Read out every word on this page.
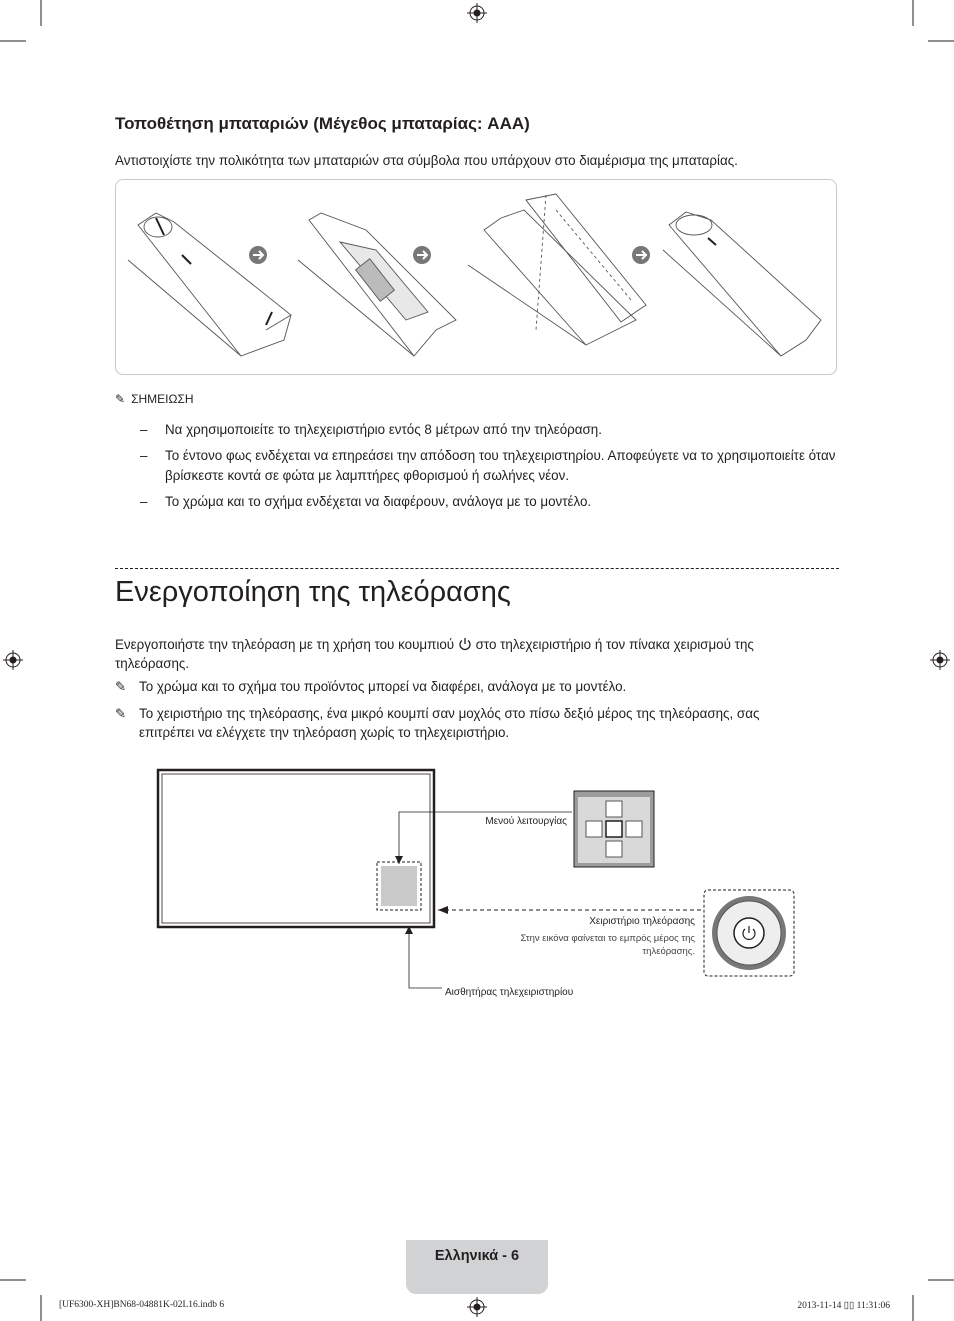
Τοποθέτηση μπαταριών (Μέγεθος μπαταρίας: AAA)

Αντιστοιχίστε την πολικότητα των μπαταριών στα σύμβολα που υπάρχουν στο διαμέρισμα της μπαταρίας.

✎ ΣΗΜΕΙΩΣΗ
– Να χρησιμοποιείτε το τηλεχειριστήριο εντός 8 μέτρων από την τηλεόραση.
– Το έντονο φως ενδέχεται να επηρεάσει την απόδοση του τηλεχειριστηρίου. Αποφεύγετε να το χρησιμοποιείτε όταν βρίσκεστε κοντά σε φώτα με λαμπτήρες φθορισμού ή σωλήνες νέον.
– Το χρώμα και το σχήμα ενδέχεται να διαφέρουν, ανάλογα με το μοντέλο.
Ενεργοποίηση της τηλεόρασης

Ενεργοποιήστε την τηλεόραση με τη χρήση του κουμπιού στο τηλεχειριστήριο ή τον πίνακα χειρισμού της τηλεόρασης.

✎ Το χρώμα και το σχήμα του προϊόντος μπορεί να διαφέρει, ανάλογα με το μοντέλο.
✎ Το χειριστήριο της τηλεόρασης, ένα μικρό κουμπί σαν μοχλός στο πίσω δεξιό μέρος της τηλεόρασης, σας επιτρέπει να ελέγχετε την τηλεόραση χωρίς το τηλεχειριστήριο.
Μενού λειτουργίας
Χειριστήριο τηλεόρασης
Στην εικόνα φαίνεται το εμπρός μέρος της
τηλεόρασης.
Αισθητήρας τηλεχειριστηρίου
Ελληνικά - 6
[UF6300-XH]BN68-04881K-02L16.indb 6	2013-11-14 ▯▯ 11:31:06
